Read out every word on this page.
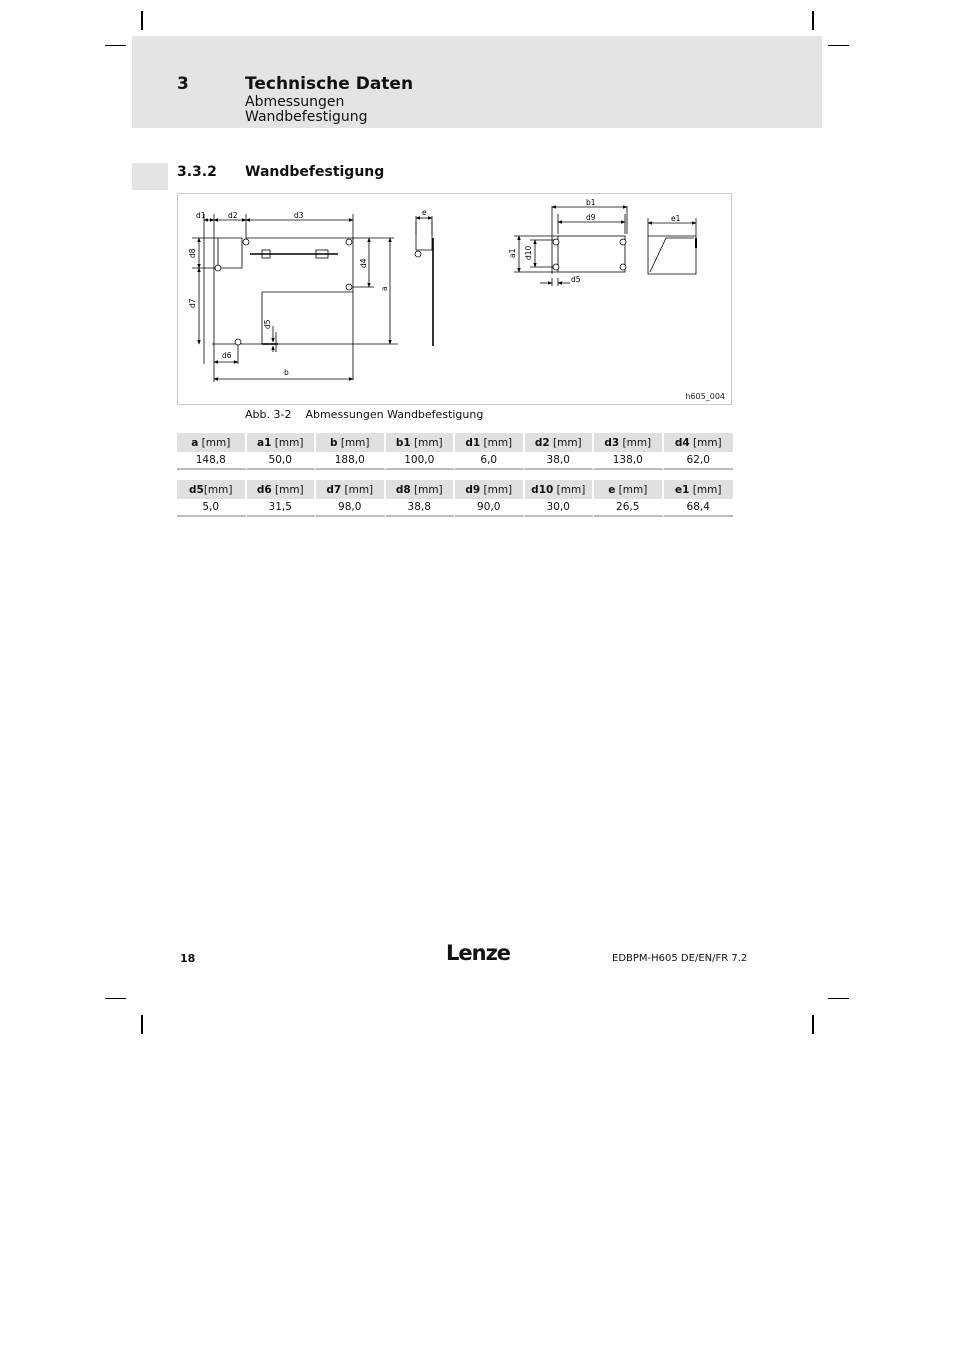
3	Technische Daten
Abmessungen
Wandbefestigung
3.3.2 Wandbefestigung
d1	d2	d3
d8
d7
d4
a
d5
d6
b
e
b1
d9
a1 d10
d5
e1
h605_004
Abb. 3-2 Abmessungen Wandbefestigung
a [mm]	a1 [mm]	b [mm]	b1 [mm]	d1 [mm]	d2 [mm]	d3 [mm]	d4 [mm]
148,8	50,0	188,0	100,0	6,0	38,0	138,0	62,0
d5[mm]	d6 [mm]	d7 [mm]	d8 [mm]	d9 [mm]	d10 [mm]	e [mm]	e1 [mm]
5,0	31,5	98,0	38,8	90,0	30,0	26,5	68,4
18	Lenze	EDBPM-H605 DE/EN/FR 7.2
